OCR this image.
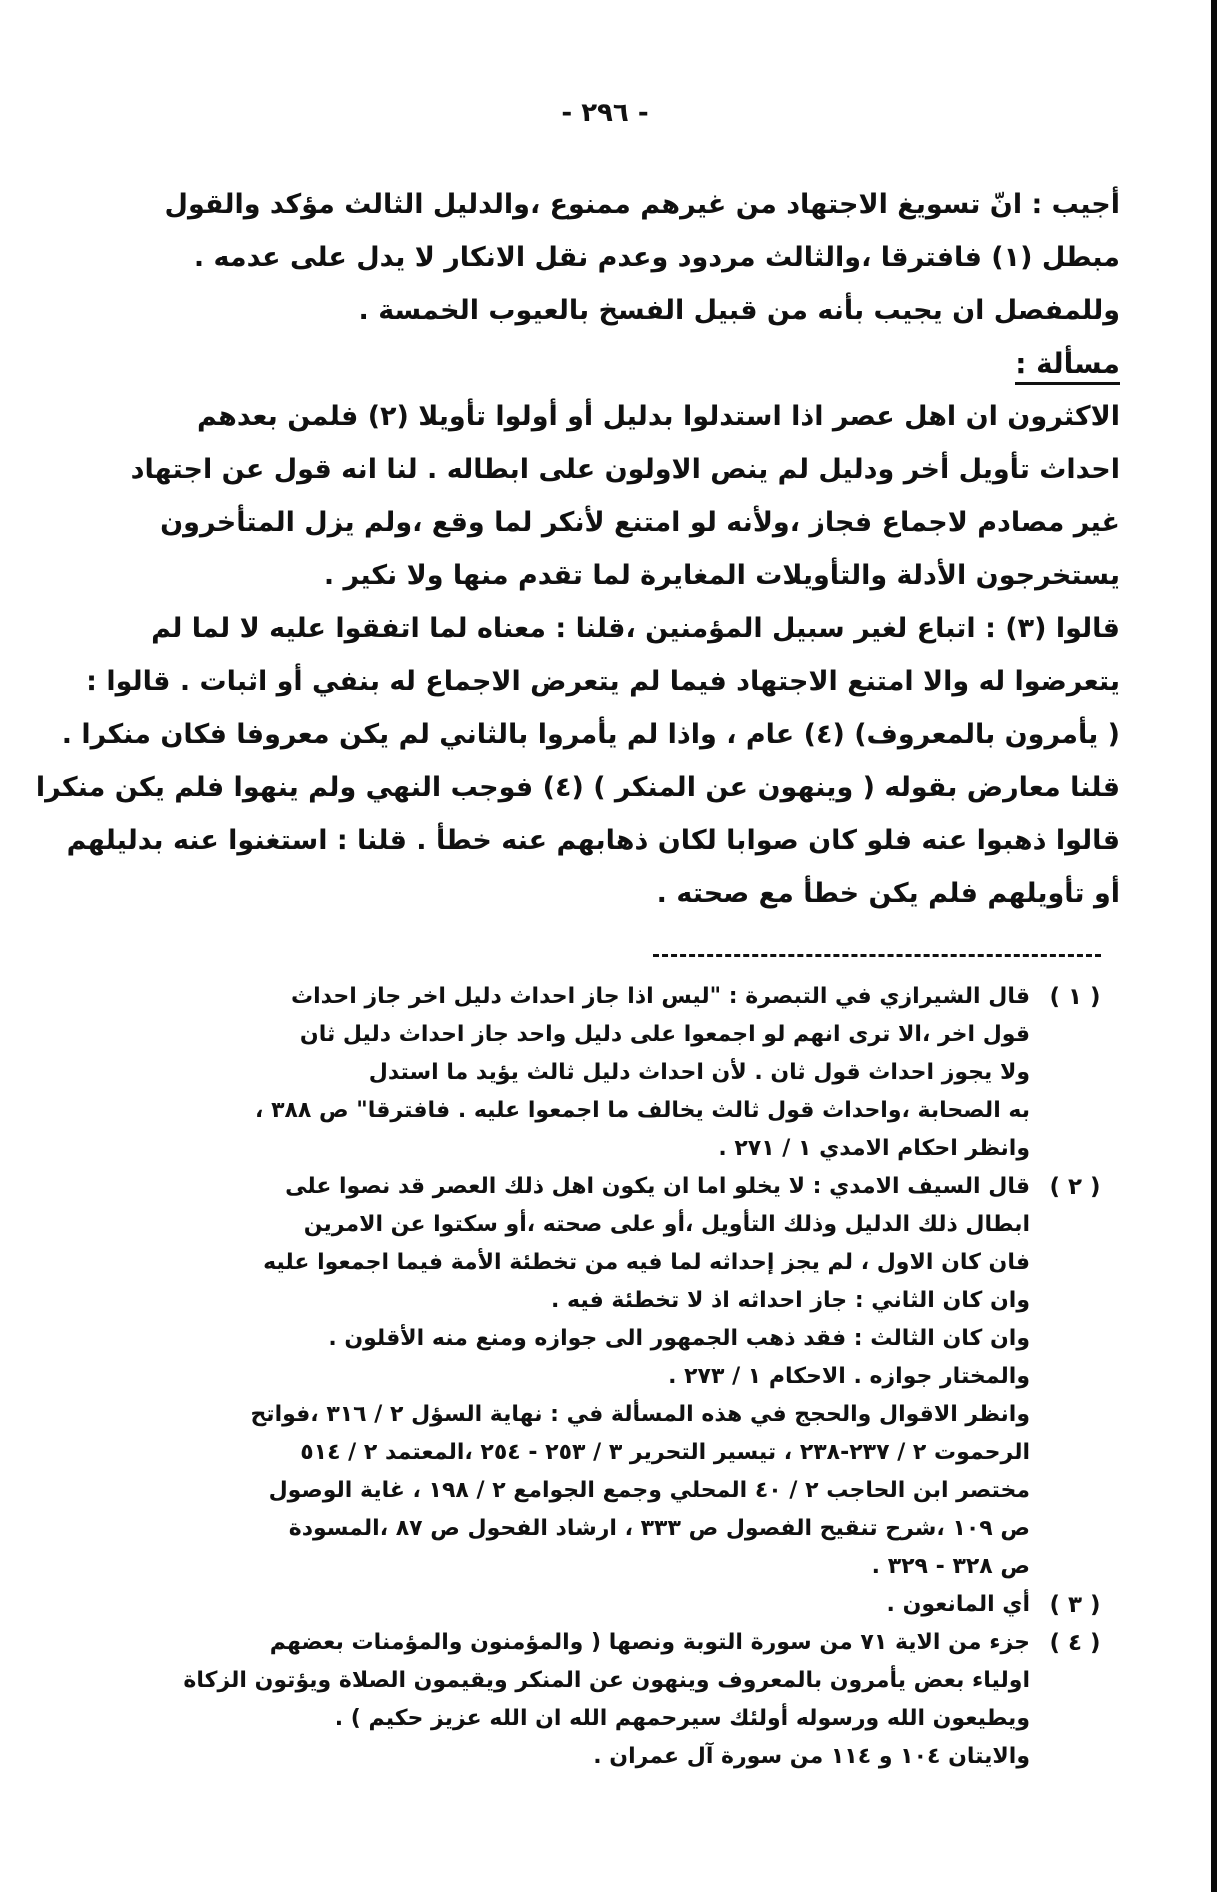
- ٢٩٦ -
أجيب : انّ تسويغ الاجتهاد من غيرهم ممنوع ،والدليل الثالث مؤكد والقول
مبطل (١) فافترقا ،والثالث مردود وعدم نقل الانكار لا يدل على عدمه .
وللمفصل ان يجيب بأنه من قبيل الفسخ بالعيوب الخمسة .
مسألة :
الاكثرون ان اهل عصر اذا استدلوا بدليل أو أولوا تأويلا (٢) فلمن بعدهم
احداث تأويل أخر ودليل لم ينص الاولون على ابطاله . لنا انه قول عن اجتهاد
غير مصادم لاجماع فجاز ،ولأنه لو امتنع لأنكر لما وقع ،ولم يزل المتأخرون
يستخرجون الأدلة والتأويلات المغايرة لما تقدم منها ولا نكير .
قالوا (٣) : اتباع لغير سبيل المؤمنين ،قلنا : معناه لما اتفقوا عليه لا لما لم
يتعرضوا له والا امتنع الاجتهاد فيما لم يتعرض الاجماع له بنفي أو اثبات . قالوا :
( يأمرون بالمعروف) (٤) عام ، واذا لم يأمروا بالثاني لم يكن معروفا فكان منكرا .
قلنا معارض بقوله ( وينهون عن المنكر ) (٤) فوجب النهي ولم ينهوا فلم يكن منكرا
قالوا ذهبوا عنه فلو كان صوابا لكان ذهابهم عنه خطأ . قلنا : استغنوا عنه بدليلهم
أو تأويلهم فلم يكن خطأ مع صحته .
( ١ )
قال الشيرازي في التبصرة : "ليس اذا جاز احداث دليل اخر جاز احداث
قول اخر ،الا ترى انهم لو اجمعوا على دليل واحد جاز احداث دليل ثان
ولا يجوز احداث قول ثان . لأن احداث دليل ثالث يؤيد ما استدل
به الصحابة ،واحداث قول ثالث يخالف ما اجمعوا عليه . فافترقا" ص ٣٨٨ ،
وانظر احكام الامدي ١ / ٢٧١ .
( ٢ )
قال السيف الامدي : لا يخلو اما ان يكون اهل ذلك العصر قد نصوا على
ابطال ذلك الدليل وذلك التأويل ،أو على صحته ،أو سكتوا عن الامرين
فان كان الاول ، لم يجز إحداثه لما فيه من تخطئة الأمة فيما اجمعوا عليه
وان كان الثاني : جاز احداثه اذ لا تخطئة فيه .
وان كان الثالث : فقد ذهب الجمهور الى جوازه ومنع منه الأقلون .
والمختار جوازه . الاحكام ١ / ٢٧٣ .
وانظر الاقوال والحجج في هذه المسألة في : نهاية السؤل ٢ / ٣١٦ ،فواتح
الرحموت ٢ / ٢٣٧-٢٣٨ ، تيسير التحرير ٣ / ٢٥٣ - ٢٥٤ ،المعتمد ٢ / ٥١٤
مختصر ابن الحاجب ٢ / ٤٠ المحلي وجمع الجوامع ٢ / ١٩٨ ، غاية الوصول
ص ١٠٩ ،شرح تنقيح الفصول ص ٣٣٣ ، ارشاد الفحول ص ٨٧ ،المسودة
ص ٣٢٨ - ٣٢٩ .
( ٣ )
أي المانعون .
( ٤ )
جزء من الاية ٧١ من سورة التوبة ونصها ( والمؤمنون والمؤمنات بعضهم
اولياء بعض يأمرون بالمعروف وينهون عن المنكر ويقيمون الصلاة ويؤتون الزكاة
ويطيعون الله ورسوله أولئك سيرحمهم الله ان الله عزيز حكيم ) .
والايتان ١٠٤ و ١١٤ من سورة آل عمران .
